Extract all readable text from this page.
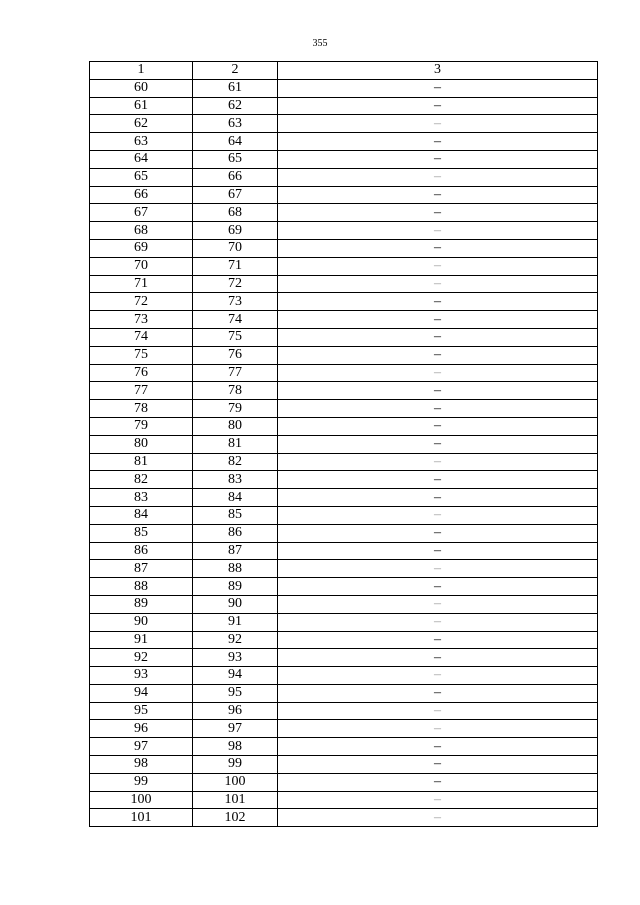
355
1	2	3
60	61	–
61	62	–
62	63	–
63	64	–
64	65	–
65	66	–
66	67	–
67	68	–
68	69	–
69	70	–
70	71	–
71	72	–
72	73	–
73	74	–
74	75	–
75	76	–
76	77	–
77	78	–
78	79	–
79	80	–
80	81	–
81	82	–
82	83	–
83	84	–
84	85	–
85	86	–
86	87	–
87	88	–
88	89	–
89	90	–
90	91	–
91	92	–
92	93	–
93	94	–
94	95	–
95	96	–
96	97	–
97	98	–
98	99	–
99	100	–
100	101	–
101	102	–
